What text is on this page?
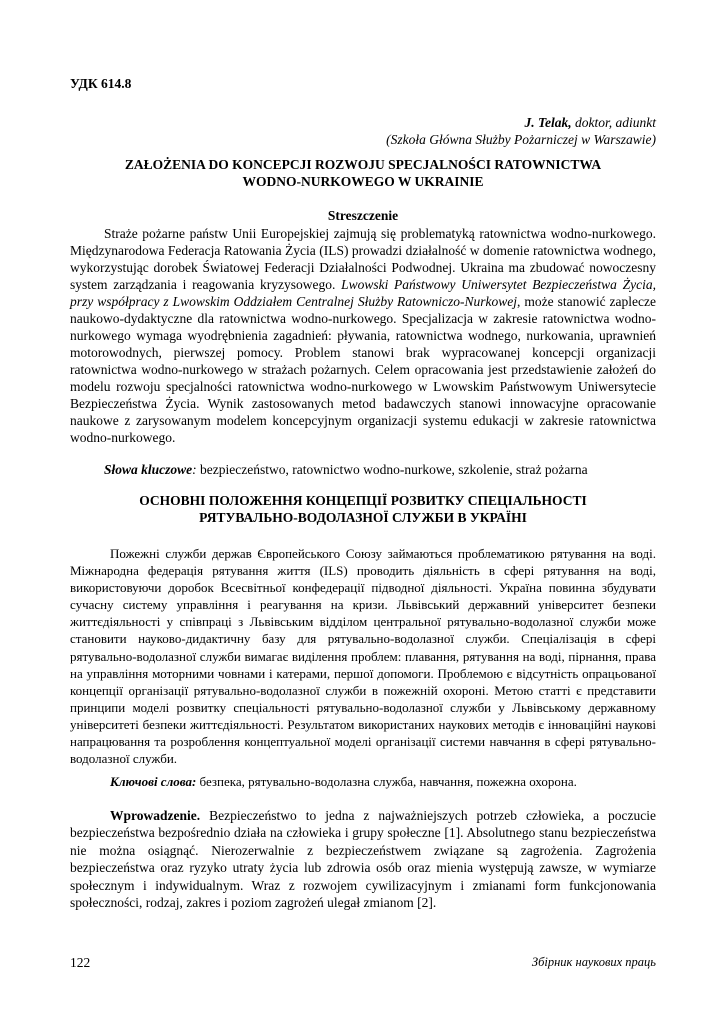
УДК 614.8
J. Telak, doktor, adiunkt
(Szkoła Główna Służby Pożarniczej w Warszawie)
ZAŁOŻENIA DO KONCEPCJI ROZWOJU SPECJALNOŚCI RATOWNICTWA
WODNO-NURKOWEGO W UKRAINIE
Streszczenie
Straże pożarne państw Unii Europejskiej zajmują się problematyką ratownictwa wodno-nurkowego. Międzynarodowa Federacja Ratowania Życia (ILS) prowadzi działalność w domenie ratownictwa wodnego, wykorzystując dorobek Światowej Federacji Działalności Podwodnej. Ukraina ma zbudować nowoczesny system zarządzania i reagowania kryzysowego. Lwowski Państwowy Uniwersytet Bezpieczeństwa Życia, przy współpracy z Lwowskim Oddziałem Centralnej Służby Ratowniczo-Nurkowej, może stanowić zaplecze naukowo-dydaktyczne dla ratownictwa wodno-nurkowego. Specjalizacja w zakresie ratownictwa wodno-nurkowego wymaga wyodrębnienia zagadnień: pływania, ratownictwa wodnego, nurkowania, uprawnień motorowodnych, pierwszej pomocy. Problem stanowi brak wypracowanej koncepcji organizacji ratownictwa wodno-nurkowego w strażach pożarnych. Celem opracowania jest przedstawienie założeń do modelu rozwoju specjalności ratownictwa wodno-nurkowego w Lwowskim Państwowym Uniwersytecie Bezpieczeństwa Życia. Wynik zastosowanych metod badawczych stanowi innowacyjne opracowanie naukowe z zarysowanym modelem koncepcyjnym organizacji systemu edukacji w zakresie ratownictwa wodno-nurkowego.
Słowa kluczowe: bezpieczeństwo, ratownictwo wodno-nurkowe, szkolenie, straż pożarna
ОСНОВНІ ПОЛОЖЕННЯ КОНЦЕПЦІЇ РОЗВИТКУ СПЕЦІАЛЬНОСТІ
РЯТУВАЛЬНО-ВОДОЛАЗНОЇ СЛУЖБИ В УКРАЇНІ
Пожежні служби держав Європейського Союзу займаються проблематикою рятування на воді. Міжнародна федерація рятування життя (ILS) проводить діяльність в сфері рятування на воді, використовуючи доробок Всесвітньої конфедерації підводної діяльності. Україна повинна збудувати сучасну систему управління і реагування на кризи. Львівський державний університет безпеки життєдіяльності у співпраці з Львівським відділом центральної рятувально-водолазної служби може становити науково-дидактичну базу для рятувально-водолазної служби. Спеціалізація в сфері рятувально-водолазної служби вимагає виділення проблем: плавання, рятування на воді, пірнання, права на управління моторними човнами і катерами, першої допомоги. Проблемою є відсутність опрацьованої концепції організації рятувально-водолазної служби в пожежній охороні. Метою статті є представити принципи моделі розвитку спеціальності рятувально-водолазної служби у Львівському державному університеті безпеки життєдіяльності. Результатом використаних наукових методів є інноваційні наукові напрацювання та розроблення концептуальної моделі організації системи навчання в сфері рятувально-водолазної служби.
Ключові слова: безпека, рятувально-водолазна служба, навчання, пожежна охорона.
Wprowadzenie. Bezpieczeństwo to jedna z najważniejszych potrzeb człowieka, a poczucie bezpieczeństwa bezpośrednio działa na człowieka i grupy społeczne [1]. Absolutnego stanu bezpieczeństwa nie można osiągnąć. Nierozerwalnie z bezpieczeństwem związane są zagrożenia. Zagrożenia bezpieczeństwa oraz ryzyko utraty życia lub zdrowia osób oraz mienia występują zawsze, w wymiarze społecznym i indywidualnym. Wraz z rozwojem cywilizacyjnym i zmianami form funkcjonowania społeczności, rodzaj, zakres i poziom zagrożeń ulegał zmianom [2].
122	Збірник наукових праць
